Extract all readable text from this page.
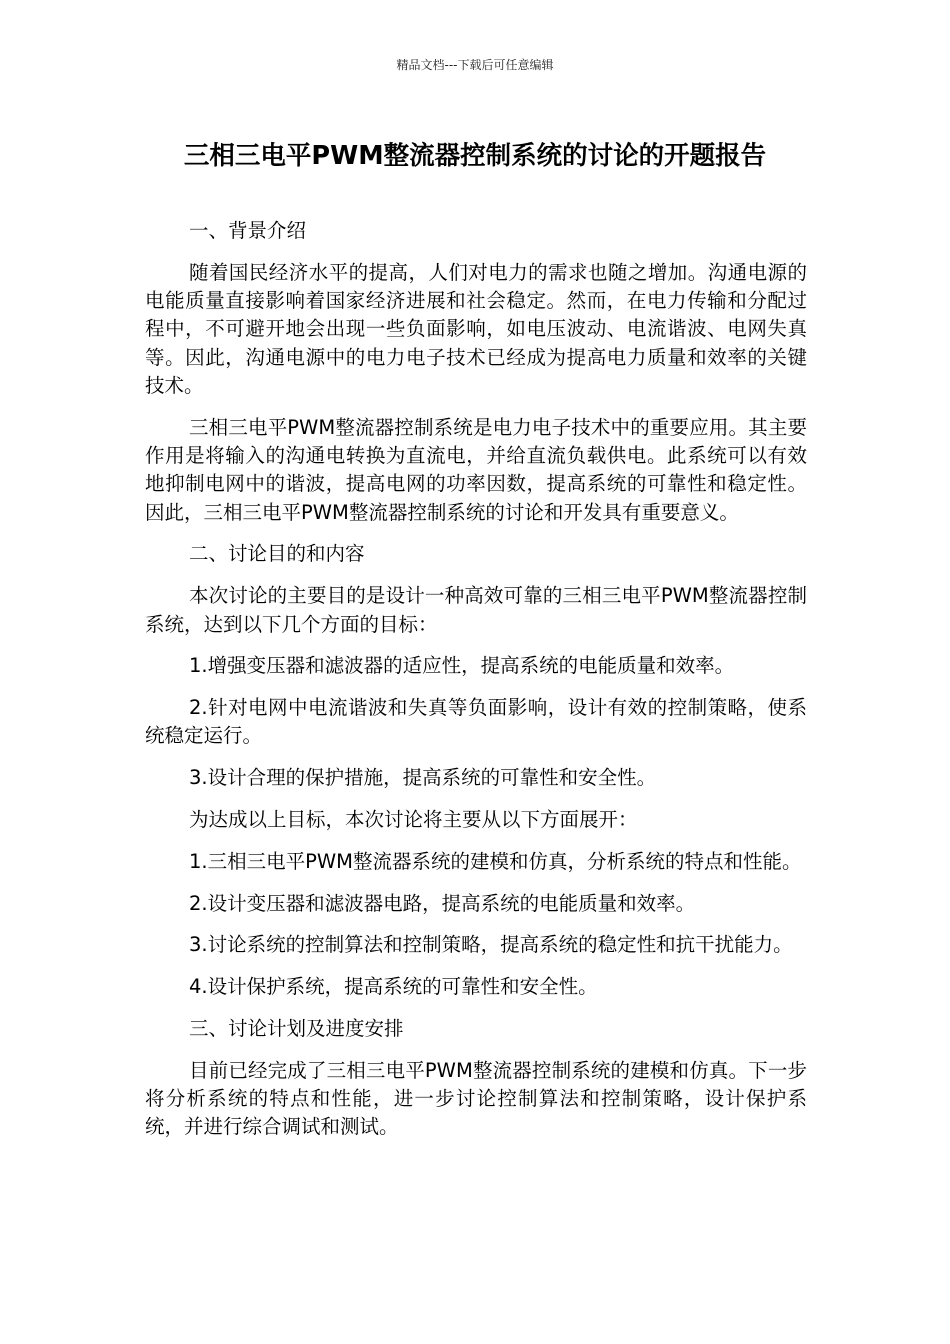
精品文档---下载后可任意编辑
三相三电平PWM整流器控制系统的讨论的开题报告

一、背景介绍

随着国民经济水平的提高，人们对电力的需求也随之增加。沟通电源的电能质量直接影响着国家经济进展和社会稳定。然而，在电力传输和分配过程中，不可避开地会出现一些负面影响，如电压波动、电流谐波、电网失真等。因此，沟通电源中的电力电子技术已经成为提高电力质量和效率的关键技术。

三相三电平PWM整流器控制系统是电力电子技术中的重要应用。其主要作用是将输入的沟通电转换为直流电，并给直流负载供电。此系统可以有效地抑制电网中的谐波，提高电网的功率因数，提高系统的可靠性和稳定性。因此，三相三电平PWM整流器控制系统的讨论和开发具有重要意义。

二、讨论目的和内容

本次讨论的主要目的是设计一种高效可靠的三相三电平PWM整流器控制系统，达到以下几个方面的目标：

1.增强变压器和滤波器的适应性，提高系统的电能质量和效率。

2.针对电网中电流谐波和失真等负面影响，设计有效的控制策略，使系统稳定运行。

3.设计合理的保护措施，提高系统的可靠性和安全性。

为达成以上目标，本次讨论将主要从以下方面展开：

1.三相三电平PWM整流器系统的建模和仿真，分析系统的特点和性能。

2.设计变压器和滤波器电路，提高系统的电能质量和效率。

3.讨论系统的控制算法和控制策略，提高系统的稳定性和抗干扰能力。

4.设计保护系统，提高系统的可靠性和安全性。

三、讨论计划及进度安排

目前已经完成了三相三电平PWM整流器控制系统的建模和仿真。下一步将分析系统的特点和性能，进一步讨论控制算法和控制策略，设计保护系统，并进行综合调试和测试。
